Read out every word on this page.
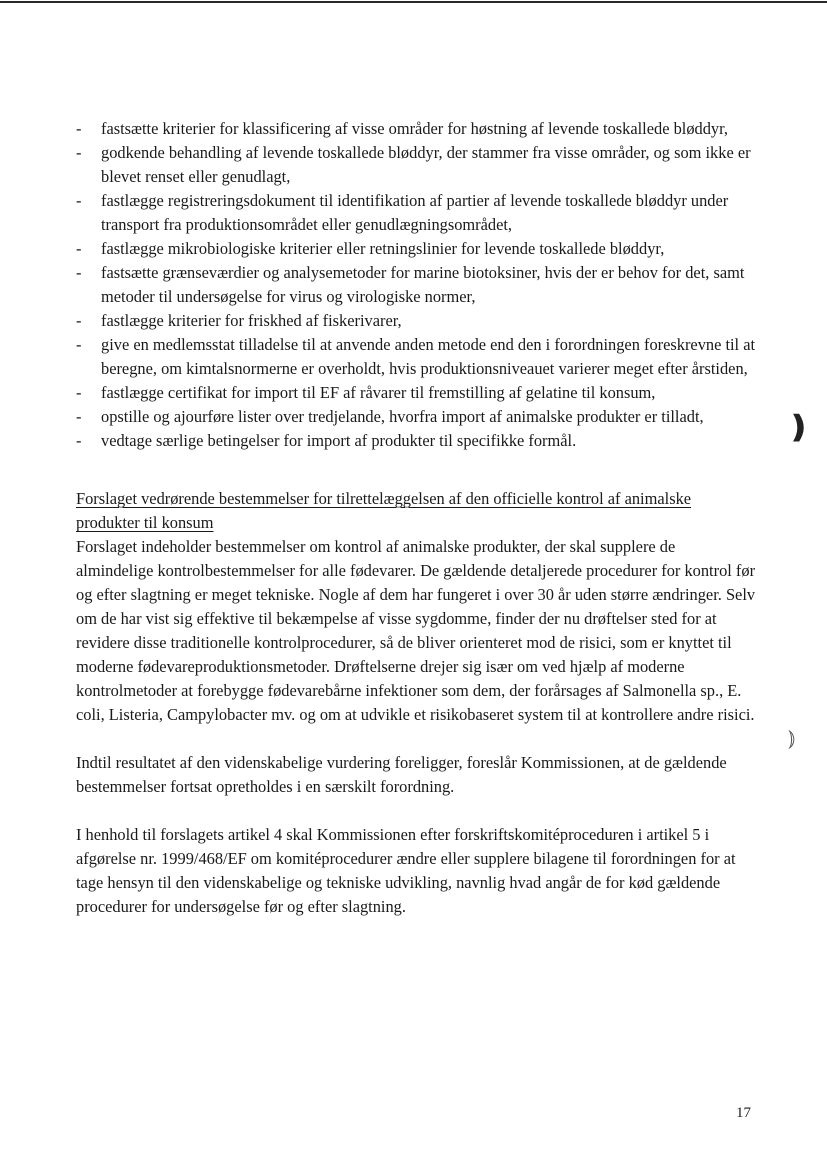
- fastsætte kriterier for klassificering af visse områder for høstning af levende toskallede bløddyr,
- godkende behandling af levende toskallede bløddyr, der stammer fra visse områder, og som ikke er blevet renset eller genudlagt,
- fastlægge registreringsdokument til identifikation af partier af levende toskallede bløddyr under transport fra produktionsområdet eller genudlægningsområdet,
- fastlægge mikrobiologiske kriterier eller retningslinier for levende toskallede bløddyr,
- fastsætte grænseværdier og analysemetoder for marine biotoksiner, hvis der er behov for det, samt metoder til undersøgelse for virus og virologiske normer,
- fastlægge kriterier for friskhed af fiskerivarer,
- give en medlemsstat tilladelse til at anvende anden metode end den i forordningen foreskrevne til at beregne, om kimtalsnormerne er overholdt, hvis produktionsniveauet varierer meget efter årstiden,
- fastlægge certifikat for import til EF af råvarer til fremstilling af gelatine til konsum,
- opstille og ajourføre lister over tredjelande, hvorfra import af animalske produkter er tilladt,
- vedtage særlige betingelser for import af produkter til specifikke formål.
Forslaget vedrørende bestemmelser for tilrettelæggelsen af den officielle kontrol af animalske produkter til konsum

Forslaget indeholder bestemmelser om kontrol af animalske produkter, der skal supplere de almindelige kontrolbestemmelser for alle fødevarer. De gældende detaljerede procedurer for kontrol før og efter slagtning er meget tekniske. Nogle af dem har fungeret i over 30 år uden større ændringer. Selv om de har vist sig effektive til bekæmpelse af visse sygdomme, finder der nu drøftelser sted for at revidere disse traditionelle kontrolprocedurer, så de bliver orienteret mod de risici, som er knyttet til moderne fødevareproduktionsmetoder. Drøftelserne drejer sig især om ved hjælp af moderne kontrolmetoder at forebygge fødevarebårne infektioner som dem, der forårsages af Salmonella sp., E. coli, Listeria, Campylobacter mv. og om at udvikle et risikobaseret system til at kontrollere andre risici.

Indtil resultatet af den videnskabelige vurdering foreligger, foreslår Kommissionen, at de gældende bestemmelser fortsat opretholdes i en særskilt forordning.

I henhold til forslagets artikel 4 skal Kommissionen efter forskriftskomitéproceduren i artikel 5 i afgørelse nr. 1999/468/EF om komitéprocedurer ændre eller supplere bilagene til forordningen for at tage hensyn til den videnskabelige og tekniske udvikling, navnlig hvad angår de for kød gældende procedurer for undersøgelse før og efter slagtning.

❫
⦆
17
